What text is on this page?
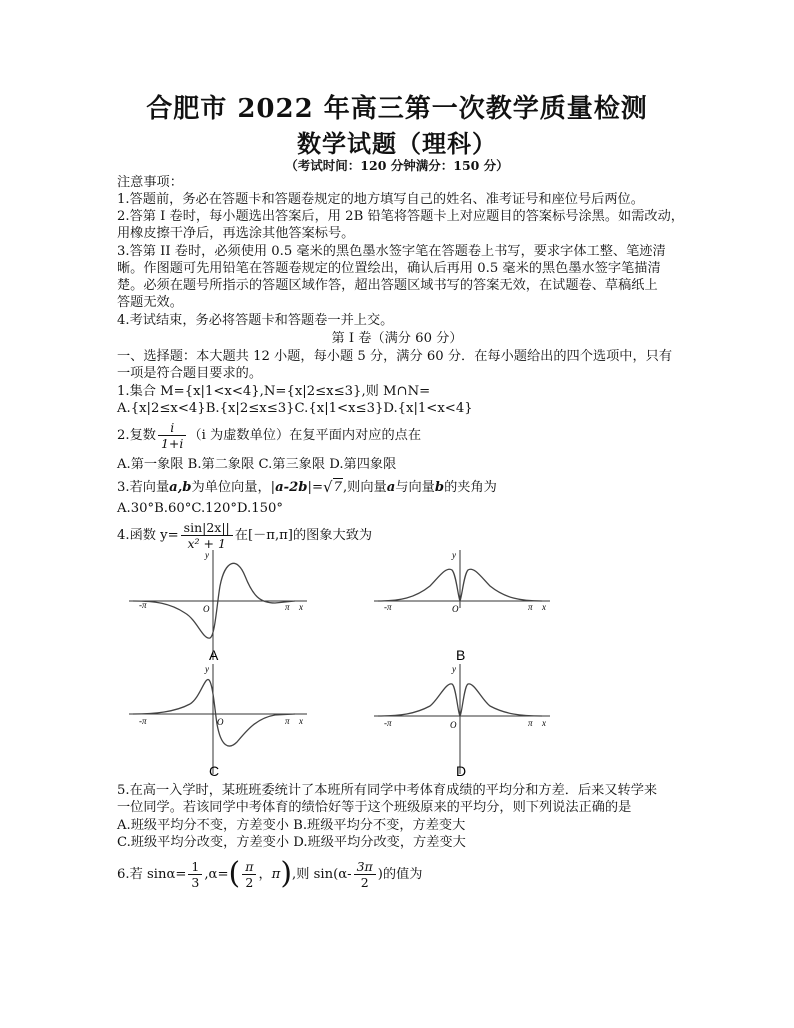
合肥市 2022 年高三第一次教学质量检测
数学试题（理科）
（考试时间：120 分钟满分：150 分）
注意事项：
1.答题前，务必在答题卡和答题卷规定的地方填写自己的姓名、准考证号和座位号后两位。
2.答第 I 卷时，每小题选出答案后，用 2B 铅笔将答题卡上对应题目的答案标号涂黑。如需改动，
用橡皮擦干净后，再选涂其他答案标号。
3.答第 II 卷时，必须使用 0.5 毫米的黑色墨水签字笔在答题卷上书写，要求字体工整、笔迹清
晰。作图题可先用铅笔在答题卷规定的位置绘出，确认后再用 0.5 毫米的黑色墨水签字笔描清
楚。必须在题号所指示的答题区域作答，超出答题区域书写的答案无效，在试题卷、草稿纸上
答题无效。
4.考试结束，务必将答题卡和答题卷一并上交。
第 I 卷（满分 60 分）
一、选择题：本大题共 12 小题，每小题 5 分，满分 60 分．在每小题给出的四个选项中，只有
一项是符合题目要求的。
1.集合 M={x|1<x<4},N={x|2≤x≤3},则 M∩N=
A.{x|2≤x<4}B.{x|2≤x≤3}C.{x|1<x≤3}D.{x|1<x<4}
2.复数 $\frac{i}{1+i} (i$ 为虚数单位）在复平面内对应的点在
A.第一象限 B.第二象限 C.第三象限 D.第四象限
3.若向量 a,b 为单位向量，| a-2b |= √ 7 ,则向量 a 与向量 b 的夹角为
A.30°B.60°C.120°D.150°
4.函数 $y= \frac{\sin|2x||}{\text{x² + 1}}$ 在[－π,π]的图象大致为
-π	π x
y
O
A
-π	π x
y
O
B
-π	π x
y
O
C
-π	π x
y
O
D
5.在高一入学时，某班班委统计了本班所有同学中考体育成绩的平均分和方差．后来又转学来
一位同学。若该同学中考体育的绩恰好等于这个班级原来的平均分，则下列说法正确的是
A.班级平均分不变，方差变小 B.班级平均分不变，方差变大
C.班级平均分改变，方差变小 D.班级平均分改变，方差变大
6.若 $\sin\alpha= \frac{1}{3} ,\alpha=$ ( $\frac{\pi}{2}$ ， π ) ,则 $\sin(\alpha- \frac{3\pi}{2}$ )的值为
